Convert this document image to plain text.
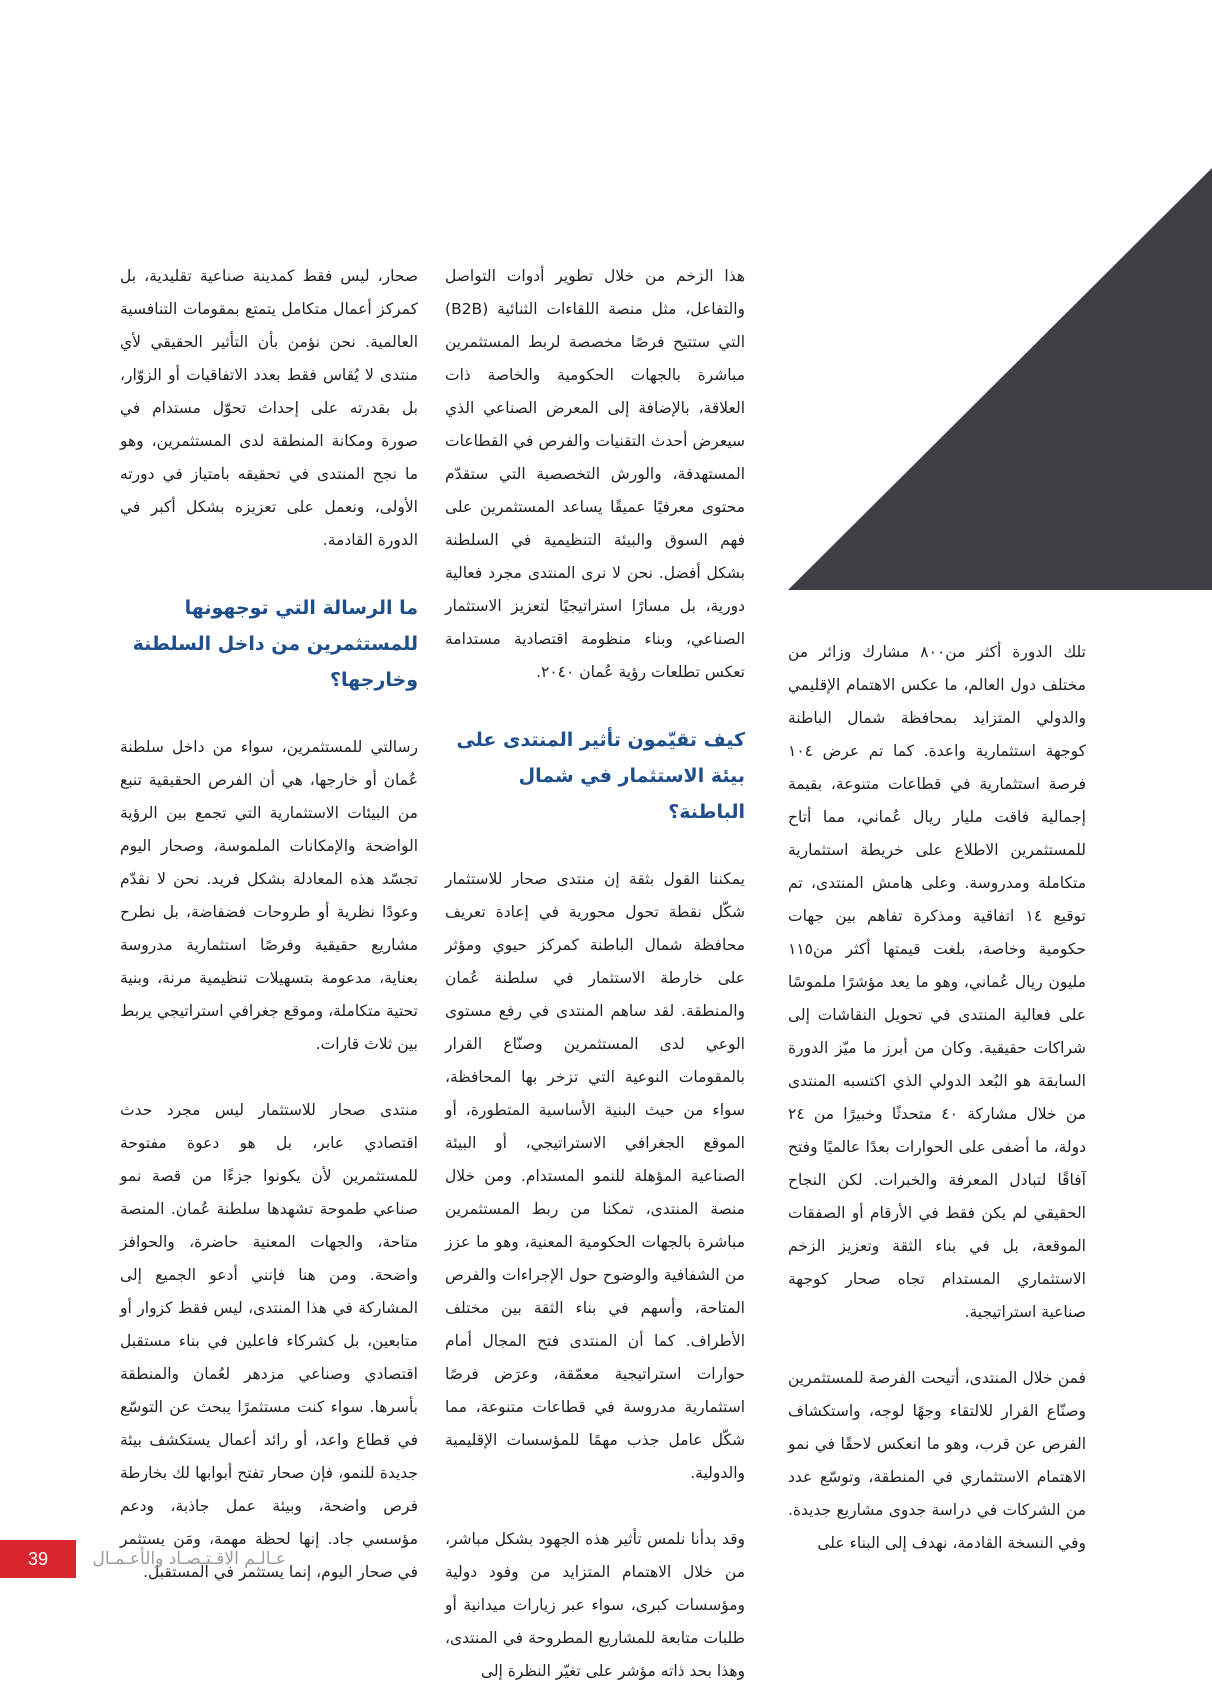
تلك الدورة أكثر من٨٠٠ مشارك وزائر من مختلف دول العالم، ما عكس الاهتمام الإقليمي والدولي المتزايد بمحافظة شمال الباطنة كوجهة استثمارية واعدة. كما تم عرض ١٠٤ فرصة استثمارية في قطاعات متنوعة، بقيمة إجمالية فاقت مليار ريال عُماني، مما أتاح للمستثمرين الاطلاع على خريطة استثمارية متكاملة ومدروسة. وعلى هامش المنتدى، تم توقيع ١٤ اتفاقية ومذكرة تفاهم بين جهات حكومية وخاصة، بلغت قيمتها أكثر من١١٥ مليون ريال عُماني، وهو ما يعد مؤشرًا ملموسًا على فعالية المنتدى في تحويل النقاشات إلى شراكات حقيقية. وكان من أبرز ما ميّز الدورة السابقة هو البُعد الدولي الذي اكتسبه المنتدى من خلال مشاركة ٤٠ متحدثًا وخبيرًا من ٢٤ دولة، ما أضفى على الحوارات بعدًا عالميًا وفتح آفاقًا لتبادل المعرفة والخبرات. لكن النجاح الحقيقي لم يكن فقط في الأرقام أو الصفقات الموقعة، بل في بناء الثقة وتعزيز الزخم الاستثماري المستدام تجاه صحار كوجهة صناعية استراتيجية.

فمن خلال المنتدى، أتيحت الفرصة للمستثمرين وصنّاع القرار للالتقاء وجهًا لوجه، واستكشاف الفرص عن قرب، وهو ما انعكس لاحقًا في نمو الاهتمام الاستثماري في المنطقة، وتوسّع عدد من الشركات في دراسة جدوى مشاريع جديدة. وفي النسخة القادمة، نهدف إلى البناء على

هذا الزخم من خلال تطوير أدوات التواصل والتفاعل، مثل منصة اللقاءات الثنائية (B2B) التي ستتيح فرصًا مخصصة لربط المستثمرين مباشرة بالجهات الحكومية والخاصة ذات العلاقة، بالإضافة إلى المعرض الصناعي الذي سيعرض أحدث التقنيات والفرص في القطاعات المستهدفة، والورش التخصصية التي ستقدّم محتوى معرفيًا عميقًا يساعد المستثمرين على فهم السوق والبيئة التنظيمية في السلطنة بشكل أفضل. نحن لا نرى المنتدى مجرد فعالية دورية، بل مسارًا استراتيجيًا لتعزيز الاستثمار الصناعي، وبناء منظومة اقتصادية مستدامة تعكس تطلعات رؤية عُمان ٢٠٤٠.

كيف تقيّمون تأثير المنتدى على بيئة الاستثمار في شمال الباطنة؟

يمكننا القول بثقة إن منتدى صحار للاستثمار شكّل نقطة تحول محورية في إعادة تعريف محافظة شمال الباطنة كمركز حيوي ومؤثر على خارطة الاستثمار في سلطنة عُمان والمنطقة. لقد ساهم المنتدى في رفع مستوى الوعي لدى المستثمرين وصنّاع القرار بالمقومات النوعية التي تزخر بها المحافظة، سواء من حيث البنية الأساسية المتطورة، أو الموقع الجغرافي الاستراتيجي، أو البيئة الصناعية المؤهلة للنمو المستدام. ومن خلال منصة المنتدى، تمكنا من ربط المستثمرين مباشرة بالجهات الحكومية المعنية، وهو ما عزز من الشفافية والوضوح حول الإجراءات والفرص المتاحة، وأسهم في بناء الثقة بين مختلف الأطراف. كما أن المنتدى فتح المجال أمام حوارات استراتيجية معمّقة، وعرَض فرصًا استثمارية مدروسة في قطاعات متنوعة، مما شكّل عامل جذب مهمًا للمؤسسات الإقليمية والدولية.

وقد بدأنا نلمس تأثير هذه الجهود بشكل مباشر، من خلال الاهتمام المتزايد من وفود دولية ومؤسسات كبرى، سواء عبر زيارات ميدانية أو طلبات متابعة للمشاريع المطروحة في المنتدى، وهذا بحد ذاته مؤشر على تغيّر النظرة إلى

صحار، ليس فقط كمدينة صناعية تقليدية، بل كمركز أعمال متكامل يتمتع بمقومات التنافسية العالمية. نحن نؤمن بأن التأثير الحقيقي لأي منتدى لا يُقاس فقط بعدد الاتفاقيات أو الزوّار، بل بقدرته على إحداث تحوّل مستدام في صورة ومكانة المنطقة لدى المستثمرين، وهو ما نجح المنتدى في تحقيقه بامتياز في دورته الأولى، ونعمل على تعزيزه بشكل أكبر في الدورة القادمة.

ما الرسالة التي توجهونها للمستثمرين من داخل السلطنة وخارجها؟

رسالتي للمستثمرين، سواء من داخل سلطنة عُمان أو خارجها، هي أن الفرص الحقيقية تنبع من البيئات الاستثمارية التي تجمع بين الرؤية الواضحة والإمكانات الملموسة، وصحار اليوم تجسّد هذه المعادلة بشكل فريد. نحن لا نقدّم وعودًا نظرية أو طروحات فضفاضة، بل نطرح مشاريع حقيقية وفرصًا استثمارية مدروسة بعناية، مدعومة بتسهيلات تنظيمية مرنة، وبنية تحتية متكاملة، وموقع جغرافي استراتيجي يربط بين ثلاث قارات.

منتدى صحار للاستثمار ليس مجرد حدث اقتصادي عابر، بل هو دعوة مفتوحة للمستثمرين لأن يكونوا جزءًا من قصة نمو صناعي طموحة تشهدها سلطنة عُمان. المنصة متاحة، والجهات المعنية حاضرة، والحوافز واضحة. ومن هنا فإنني أدعو الجميع إلى المشاركة في هذا المنتدى، ليس فقط كزوار أو متابعين، بل كشركاء فاعلين في بناء مستقبل اقتصادي وصناعي مزدهر لعُمان والمنطقة بأسرها. سواء كنت مستثمرًا يبحث عن التوسّع في قطاع واعد، أو رائد أعمال يستكشف بيئة جديدة للنمو، فإن صحار تفتح أبوابها لك بخارطة فرص واضحة، وبيئة عمل جاذبة، ودعم مؤسسي جاد. إنها لحظة مهمة، ومَن يستثمر في صحار اليوم، إنما يستثمر في المستقبل.

39	عـالـم الاقـتـصـاد والأعـمـال
